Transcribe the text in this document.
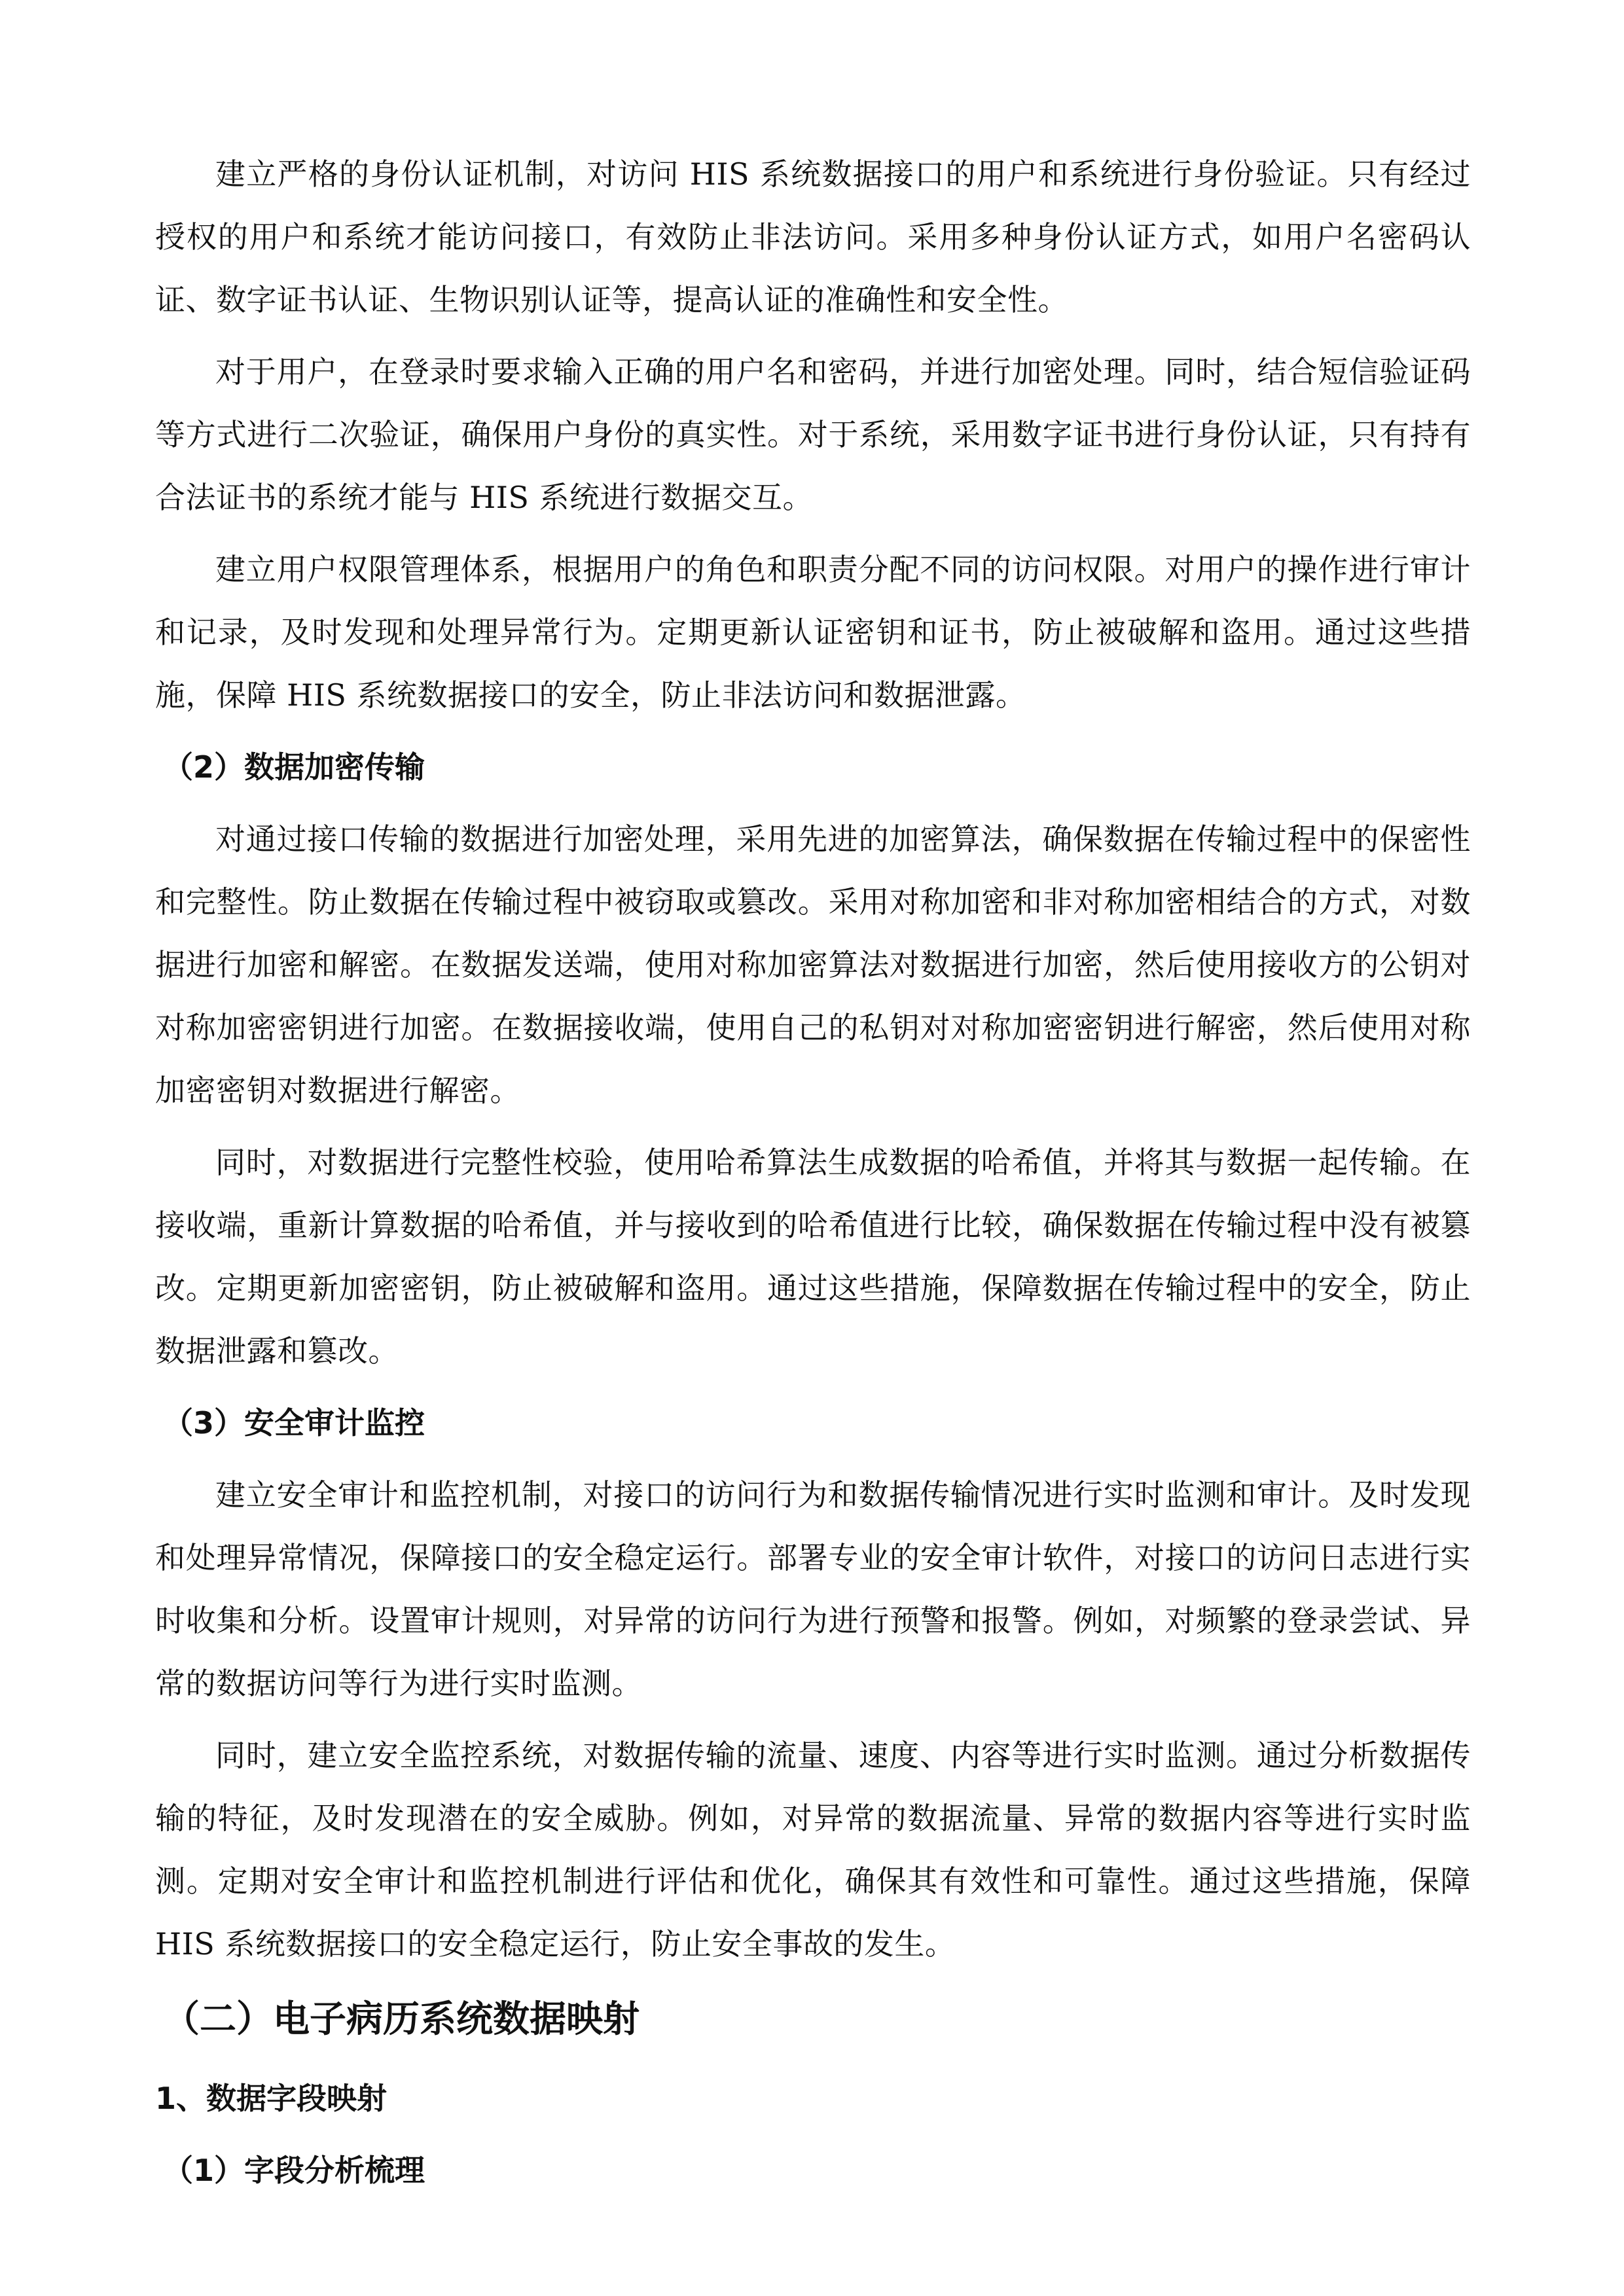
建立严格的身份认证机制，对访问 HIS 系统数据接口的用户和系统进行身份验证。只有经过授权的用户和系统才能访问接口，有效防止非法访问。采用多种身份认证方式，如用户名密码认证、数字证书认证、生物识别认证等，提高认证的准确性和安全性。

对于用户，在登录时要求输入正确的用户名和密码，并进行加密处理。同时，结合短信验证码等方式进行二次验证，确保用户身份的真实性。对于系统，采用数字证书进行身份认证，只有持有合法证书的系统才能与 HIS 系统进行数据交互。

建立用户权限管理体系，根据用户的角色和职责分配不同的访问权限。对用户的操作进行审计和记录，及时发现和处理异常行为。定期更新认证密钥和证书，防止被破解和盗用。通过这些措施，保障 HIS 系统数据接口的安全，防止非法访问和数据泄露。

（2）数据加密传输

对通过接口传输的数据进行加密处理，采用先进的加密算法，确保数据在传输过程中的保密性和完整性。防止数据在传输过程中被窃取或篡改。采用对称加密和非对称加密相结合的方式，对数据进行加密和解密。在数据发送端，使用对称加密算法对数据进行加密，然后使用接收方的公钥对对称加密密钥进行加密。在数据接收端，使用自己的私钥对对称加密密钥进行解密，然后使用对称加密密钥对数据进行解密。

同时，对数据进行完整性校验，使用哈希算法生成数据的哈希值，并将其与数据一起传输。在接收端，重新计算数据的哈希值，并与接收到的哈希值进行比较，确保数据在传输过程中没有被篡改。定期更新加密密钥，防止被破解和盗用。通过这些措施，保障数据在传输过程中的安全，防止数据泄露和篡改。

（3）安全审计监控

建立安全审计和监控机制，对接口的访问行为和数据传输情况进行实时监测和审计。及时发现和处理异常情况，保障接口的安全稳定运行。部署专业的安全审计软件，对接口的访问日志进行实时收集和分析。设置审计规则，对异常的访问行为进行预警和报警。例如，对频繁的登录尝试、异常的数据访问等行为进行实时监测。

同时，建立安全监控系统，对数据传输的流量、速度、内容等进行实时监测。通过分析数据传输的特征，及时发现潜在的安全威胁。例如，对异常的数据流量、异常的数据内容等进行实时监测。定期对安全审计和监控机制进行评估和优化，确保其有效性和可靠性。通过这些措施，保障 HIS 系统数据接口的安全稳定运行，防止安全事故的发生。

（二）电子病历系统数据映射
1、数据字段映射
（1）字段分析梳理
